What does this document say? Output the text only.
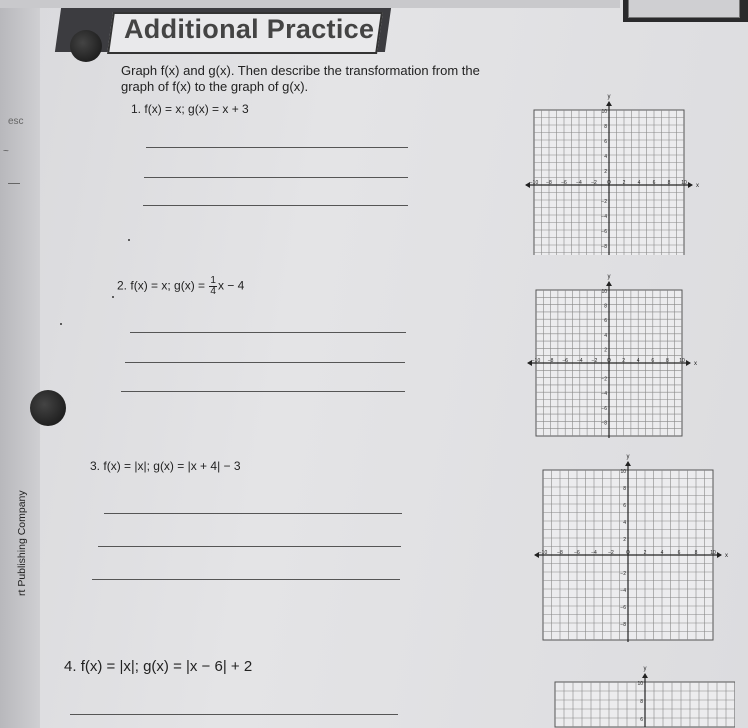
Additional Practice
esc
~
rt Publishing Company
Graph f(x) and g(x). Then describe the transformation from the
graph of f(x) to the graph of g(x).
1. f(x) = x; g(x) = x + 3
2. f(x) = x; $g(x) = \frac{1}{4}$ x − 4
3. f(x) = |x|; g(x) = |x + 4| − 3
4. f(x) = |x|; g(x) = |x − 6| + 2
y
10
8
6
4
2
−2
−4
−6
−8
x
−10 −8 −6 −4 −2 O 2 4 6 8 10
y
10
8
6
4
2
−2
−4
−6
−8
x
−10 −8 −6 −4 −2 O 2 4 6 8 10
y
10
8
6
4
2
−2
−4
−6
−8
x
−10 −8 −6 −4 −2 O	2	4	6	8	10
y
10
8
6
